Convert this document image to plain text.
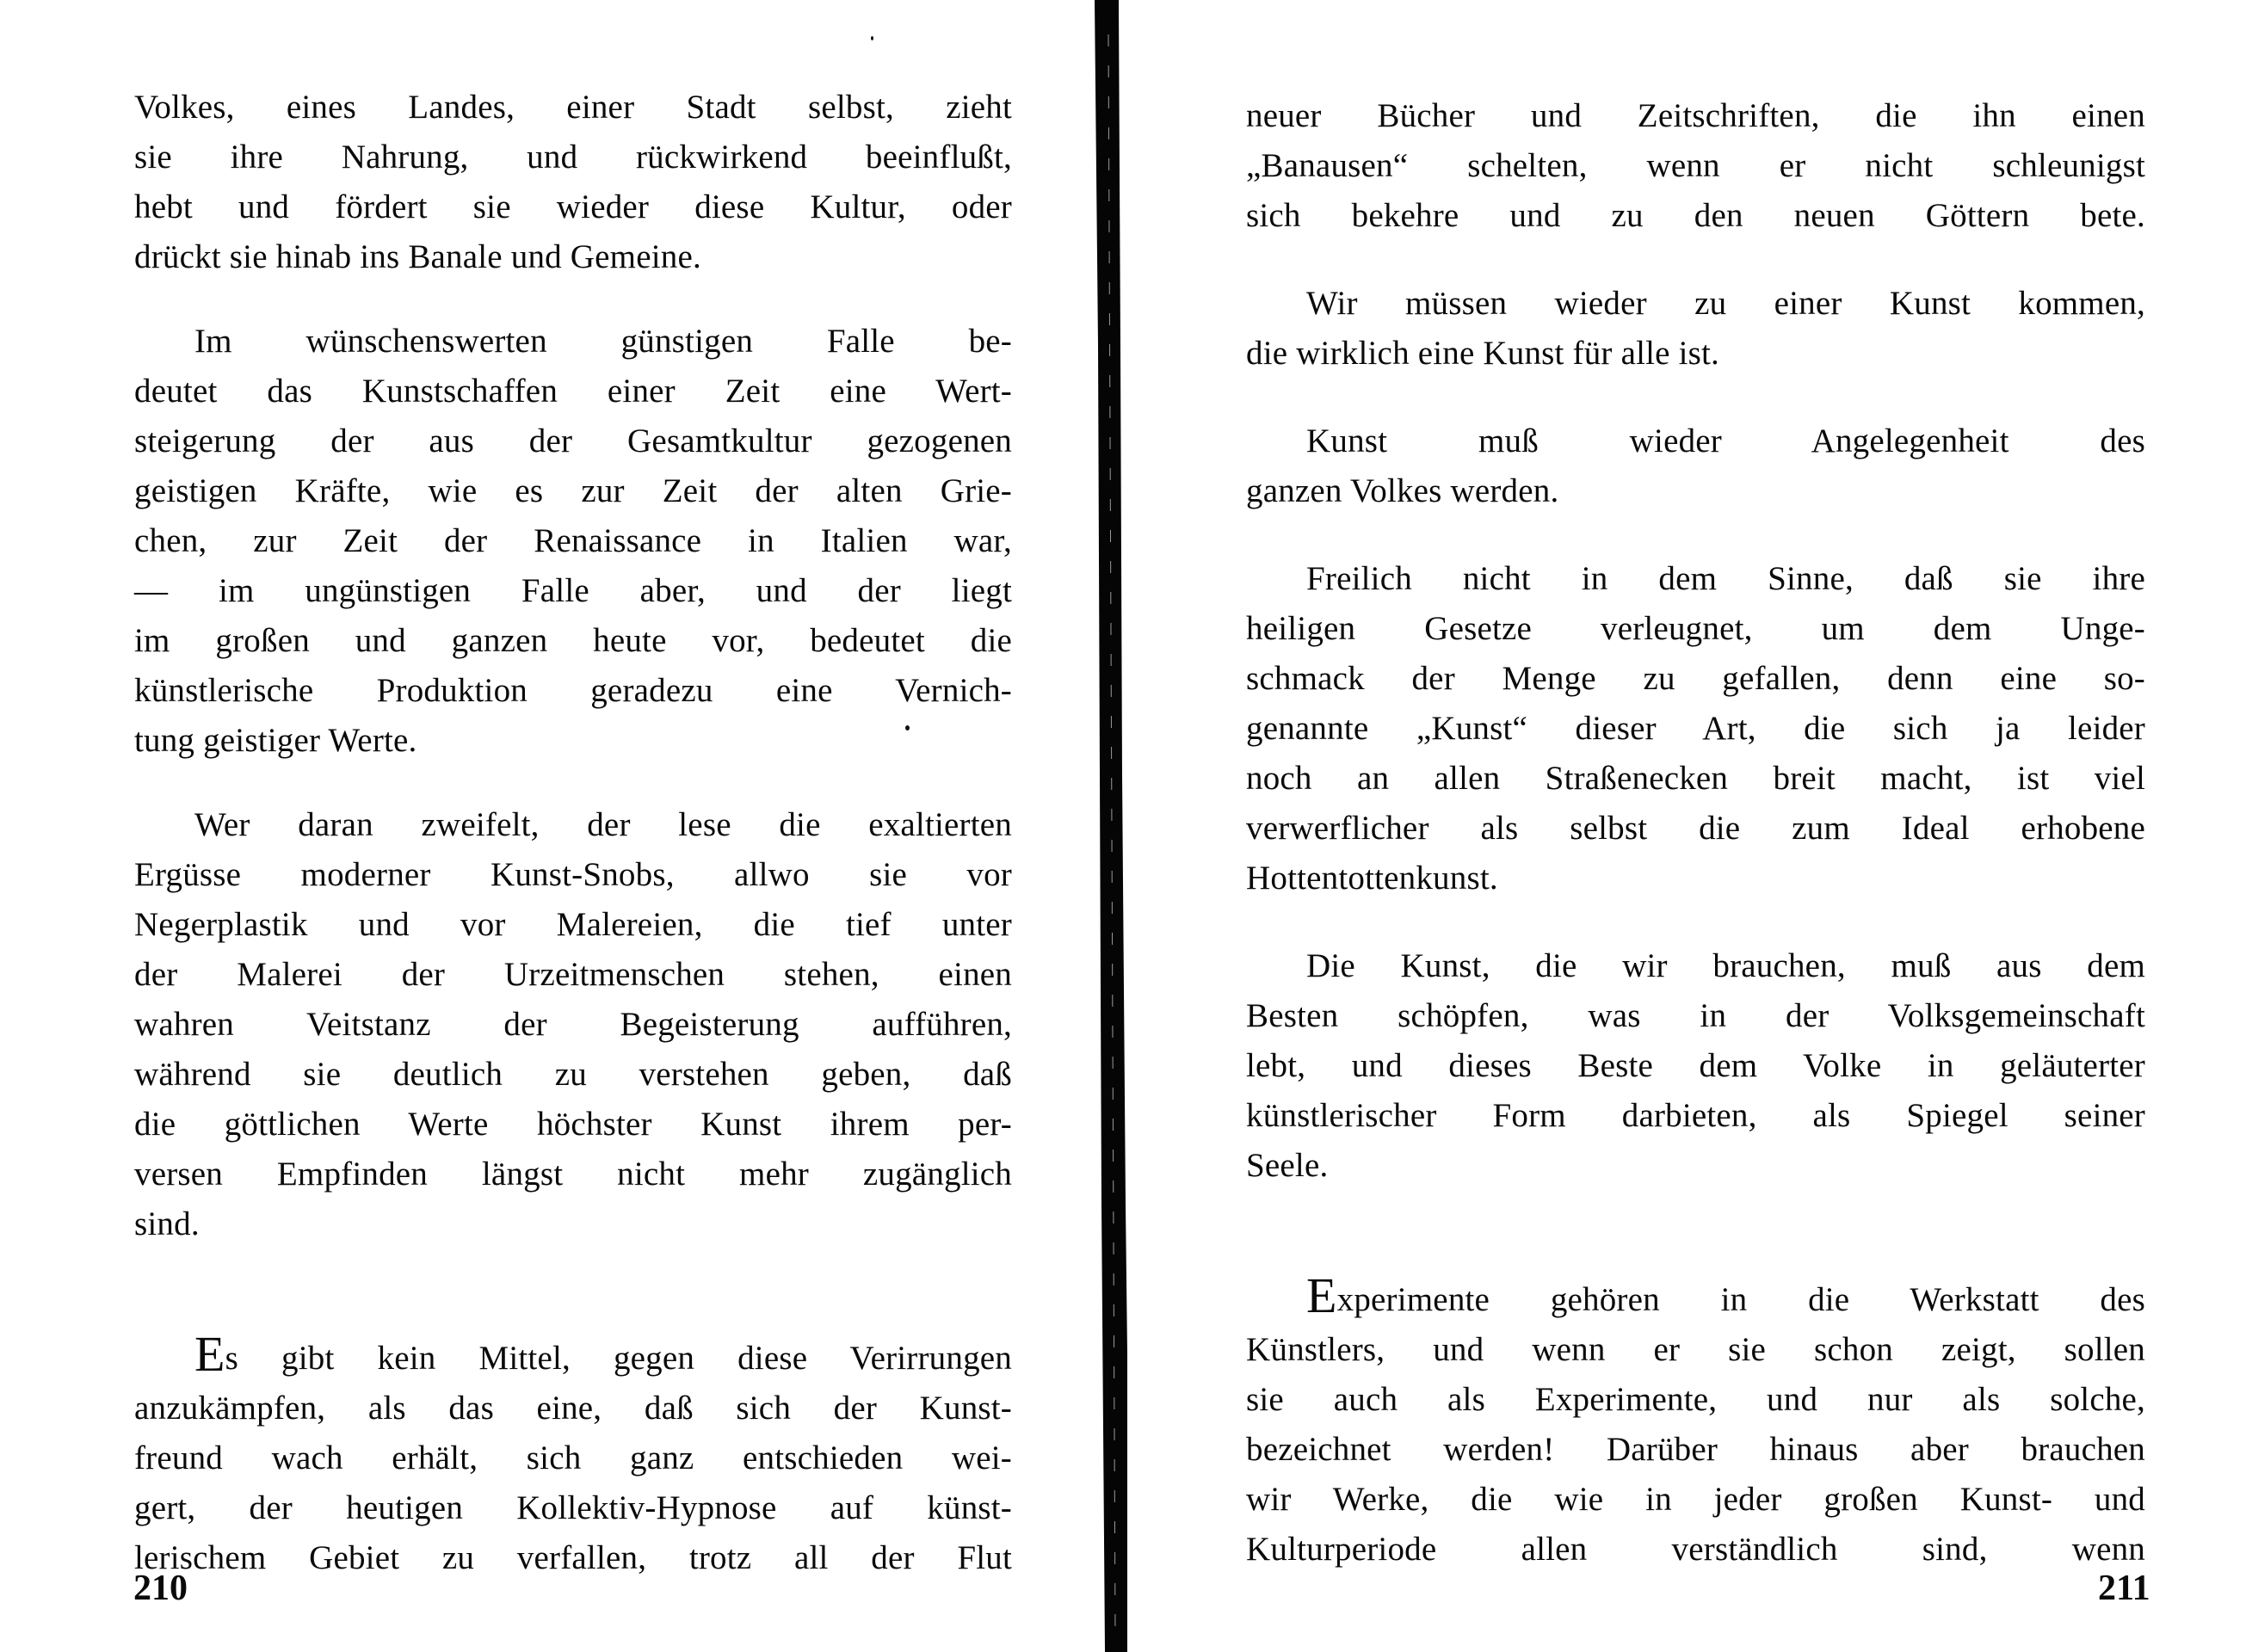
Volkes, eines Landes, einer Stadt selbst, zieht
sie ihre Nahrung, und rückwirkend beeinflußt,
hebt und fördert sie wieder diese Kultur, oder
drückt sie hinab ins Banale und Gemeine.
Im wünschenswerten günstigen Falle be-
deutet das Kunstschaffen einer Zeit eine Wert-
steigerung der aus der Gesamtkultur gezogenen
geistigen Kräfte, wie es zur Zeit der alten Grie-
chen, zur Zeit der Renaissance in Italien war,
— im ungünstigen Falle aber, und der liegt
im großen und ganzen heute vor, bedeutet die
künstlerische Produktion geradezu eine Vernich-
tung geistiger Werte.
Wer daran zweifelt, der lese die exaltierten
Ergüsse moderner Kunst-Snobs, allwo sie vor
Negerplastik und vor Malereien, die tief unter
der Malerei der Urzeitmenschen stehen, einen
wahren Veitstanz der Begeisterung aufführen,
während sie deutlich zu verstehen geben, daß
die göttlichen Werte höchster Kunst ihrem per-
versen Empfinden längst nicht mehr zugänglich
sind.
Es gibt kein Mittel, gegen diese Verirrungen
anzukämpfen, als das eine, daß sich der Kunst-
freund wach erhält, sich ganz entschieden wei-
gert, der heutigen Kollektiv-Hypnose auf künst-
lerischem Gebiet zu verfallen, trotz all der Flut
210
neuer Bücher und Zeitschriften, die ihn einen
„Banausen“ schelten, wenn er nicht schleunigst
sich bekehre und zu den neuen Göttern bete.
Wir müssen wieder zu einer Kunst kommen,
die wirklich eine Kunst für alle ist.
Kunst muß wieder Angelegenheit des
ganzen Volkes werden.
Freilich nicht in dem Sinne, daß sie ihre
heiligen Gesetze verleugnet, um dem Unge-
schmack der Menge zu gefallen, denn eine so-
genannte „Kunst“ dieser Art, die sich ja leider
noch an allen Straßenecken breit macht, ist viel
verwerflicher als selbst die zum Ideal erhobene
Hottentottenkunst.
Die Kunst, die wir brauchen, muß aus dem
Besten schöpfen, was in der Volksgemeinschaft
lebt, und dieses Beste dem Volke in geläuterter
künstlerischer Form darbieten, als Spiegel seiner
Seele.
Experimente gehören in die Werkstatt des
Künstlers, und wenn er sie schon zeigt, sollen
sie auch als Experimente, und nur als solche,
bezeichnet werden! Darüber hinaus aber brauchen
wir Werke, die wie in jeder großen Kunst- und
Kulturperiode allen verständlich sind, wenn
211
